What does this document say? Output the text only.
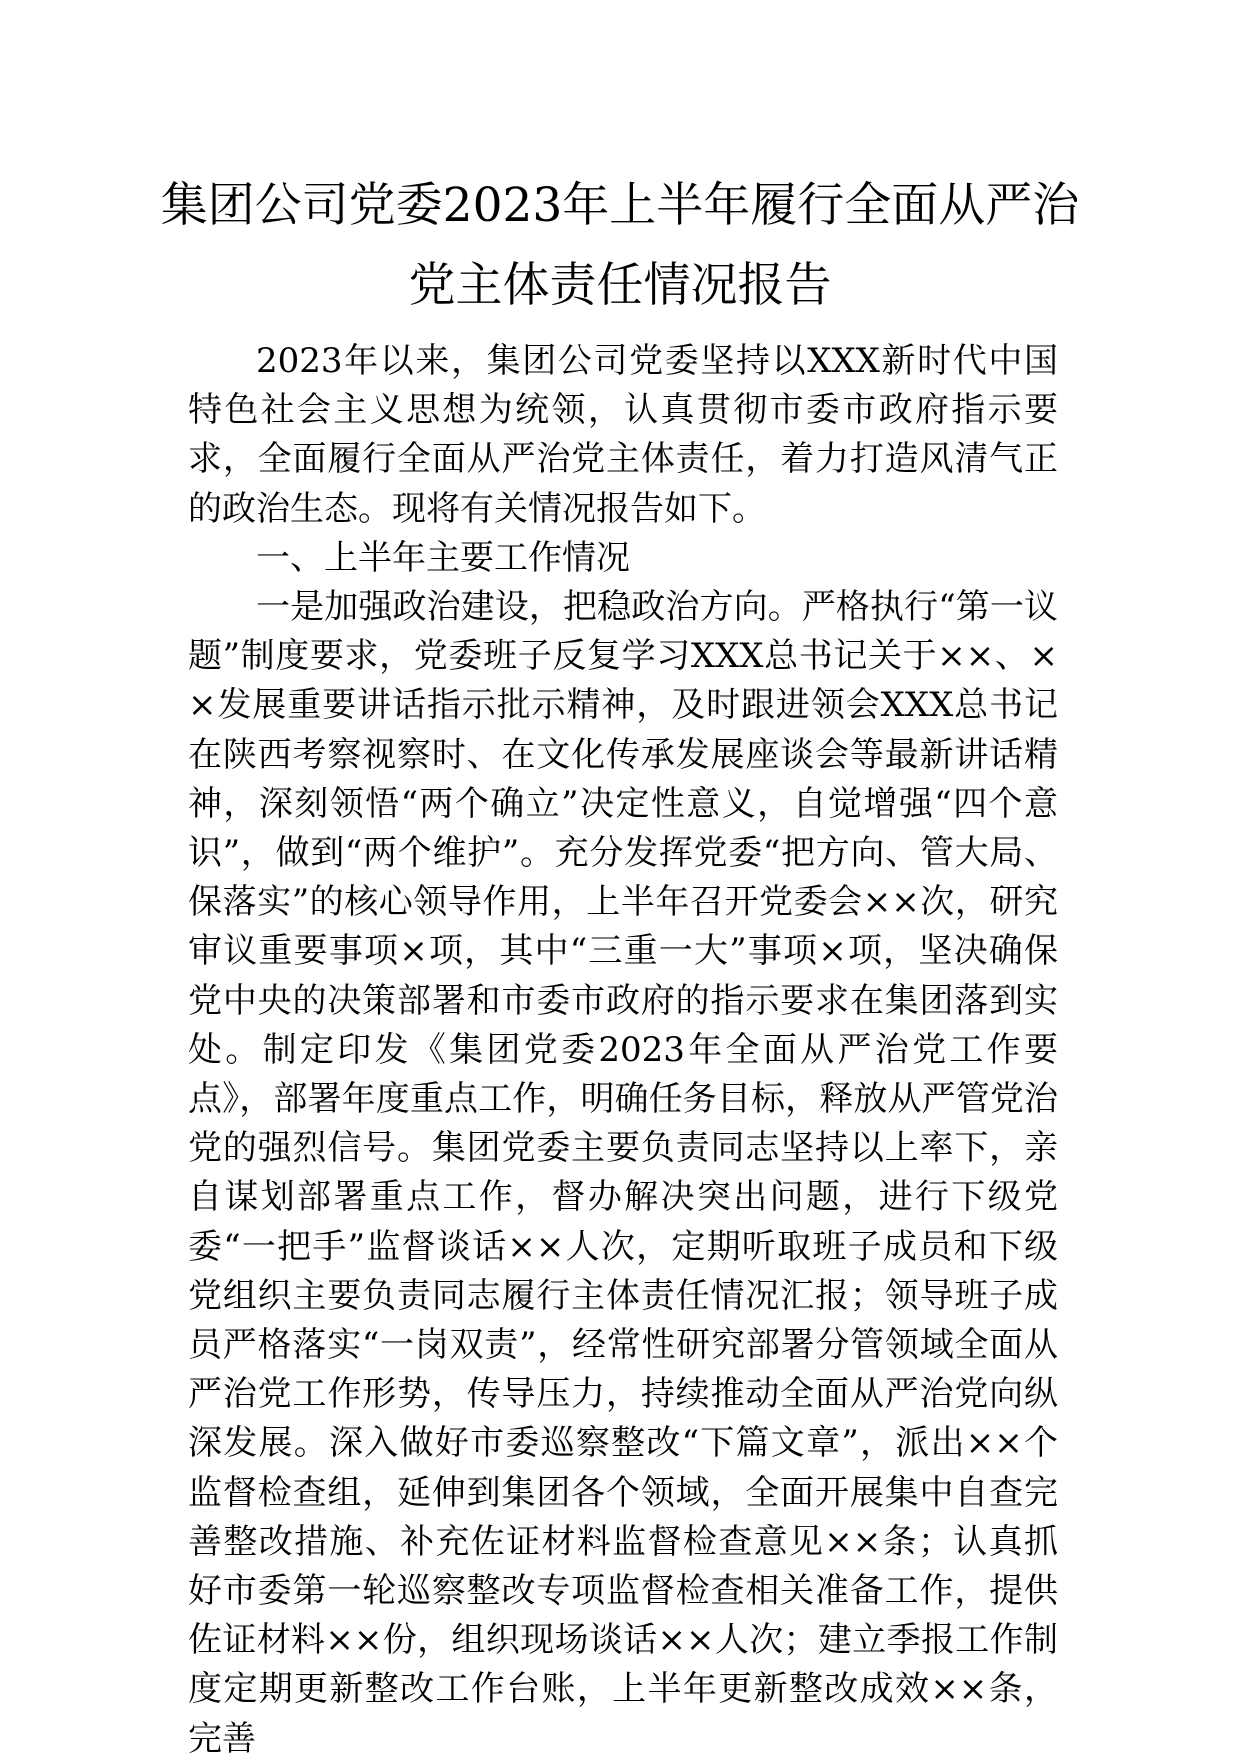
集团公司党委2023年上半年履行全面从严治党主体责任情况报告

2023年以来，集团公司党委坚持以XXX新时代中国特色社会主义思想为统领，认真贯彻市委市政府指示要求，全面履行全面从严治党主体责任，着力打造风清气正的政治生态。现将有关情况报告如下。

一、上半年主要工作情况

一是加强政治建设，把稳政治方向。严格执行“第一议题”制度要求，党委班子反复学习XXX总书记关于××、××发展重要讲话指示批示精神，及时跟进领会XXX总书记在陕西考察视察时、在文化传承发展座谈会等最新讲话精神，深刻领悟“两个确立”决定性意义，自觉增强“四个意识”，做到“两个维护”。充分发挥党委“把方向、管大局、保落实”的核心领导作用，上半年召开党委会××次，研究审议重要事项×项，其中“三重一大”事项×项，坚决确保党中央的决策部署和市委市政府的指示要求在集团落到实处。制定印发《集团党委2023年全面从严治党工作要点》，部署年度重点工作，明确任务目标，释放从严管党治党的强烈信号。集团党委主要负责同志坚持以上率下，亲自谋划部署重点工作，督办解决突出问题，进行下级党委“一把手”监督谈话××人次，定期听取班子成员和下级党组织主要负责同志履行主体责任情况汇报；领导班子成员严格落实“一岗双责”，经常性研究部署分管领域全面从严治党工作形势，传导压力，持续推动全面从严治党向纵深发展。深入做好市委巡察整改“下篇文章”，派出××个监督检查组，延伸到集团各个领域，全面开展集中自查完善整改措施、补充佐证材料监督检查意见××条；认真抓好市委第一轮巡察整改专项监督检查相关准备工作，提供佐证材料××份，组织现场谈话××人次；建立季报工作制度定期更新整改工作台账，上半年更新整改成效××条，完善
